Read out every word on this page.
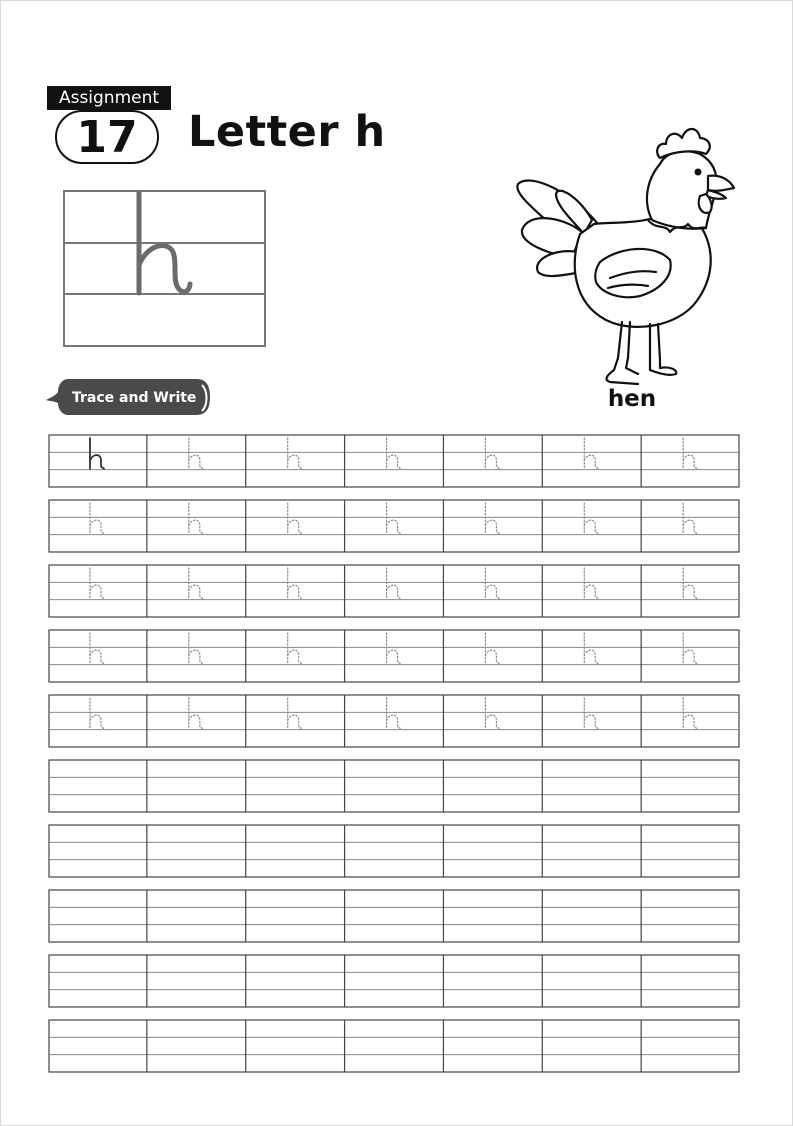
Assignment
17	Letter h
hen
Trace and Write
